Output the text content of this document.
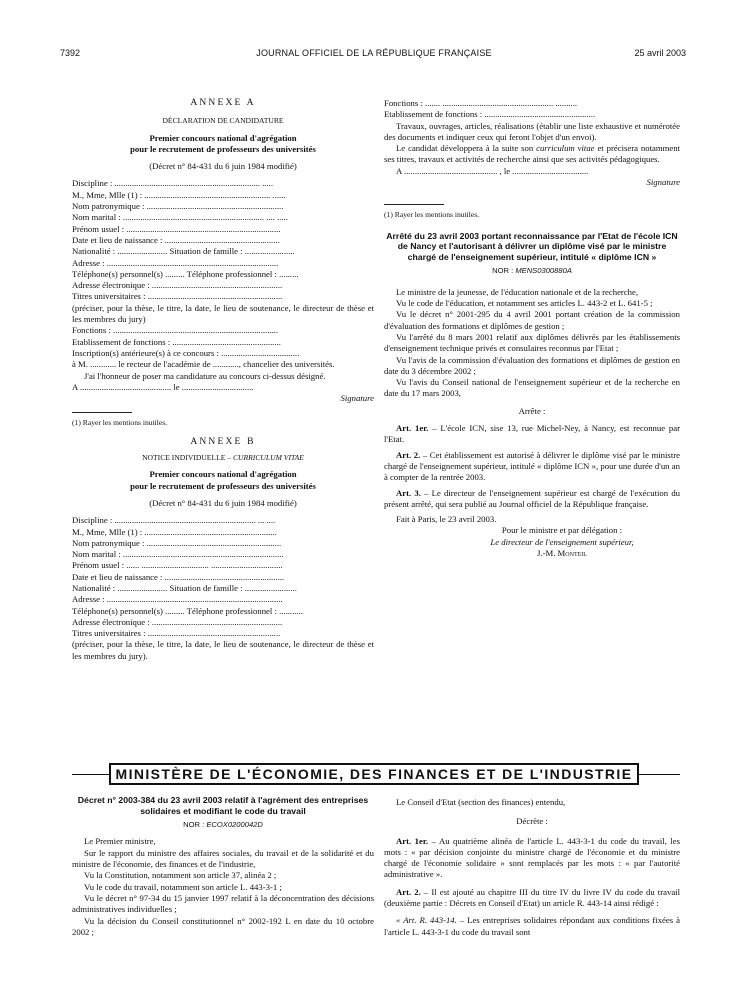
7392	JOURNAL OFFICIEL DE LA RÉPUBLIQUE FRANÇAISE	25 avril 2003
ANNEXE A
DÉCLARATION DE CANDIDATURE
Premier concours national d'agrégation
pour le recrutement de professeurs des universités
(Décret n° 84-431 du 6 juin 1984 modifié)
Discipline : ................................................................... .....
M., Mme, Mlle (1) : .......................................................... ......
Nom patronymique : ...............................................................
Nom marital : ................................................................. .... .....
Prénom usuel : .......................................................................
Date et lieu de naissance : .....................................................
Nationalité : ....................... Situation de famille : .......................
Adresse : ...............................................................................
Téléphone(s) personnel(s) ......... Téléphone professionnel : .........
Adresse électronique : ............................................................
Titres universitaires : ..............................................................
(préciser, pour la thèse, le titre, la date, le lieu de soutenance, le directeur de thèse et les membres du jury)
Fonctions : ............................................................................
Etablissement de fonctions : ..................................................
Inscription(s) antérieure(s) à ce concours : ....................................
à M. ............ le recteur de l'académie de ............, chancelier des universités.
J'ai l'honneur de poser ma candidature au concours ci-dessus désigné.
A .......................................... le .................................
Signature
(1) Rayer les mentions inutiles.
ANNEXE B
NOTICE INDIVIDUELLE – CURRICULUM VITAE
Premier concours national d'agrégation
pour le recrutement de professeurs des universités
(Décret n° 84-431 du 6 juin 1984 modifié)
Discipline : ................................................................. ... ....
M., Mme, Mlle (1) : .............................................................
Nom patronymique : ..............................................................
Nom marital : ..........................................................................
Prénom usuel : ...... ............................... .................................
Date et lieu de naissance : .......................................................
Nationalité : ....................... Situation de famille : ........................
Adresse : .................................................................................
Téléphone(s) personnel(s) ......... Téléphone professionnel : ...........
Adresse électronique : ............................................................
Titres universitaires : .............................................................
(préciser, pour la thèse, le titre, la date, le lieu de soutenance, le directeur de thèse et les membres du jury).
Fonctions : ....... ................................................... ..........
Etablissement de fonctions : ...................................................
Travaux, ouvrages, articles, réalisations (établir une liste exhaustive et numérotée des documents et indiquer ceux qui feront l'objet d'un envoi).
Le candidat développera à la suite son curriculum vitae et précisera notamment ses titres, travaux et activités de recherche ainsi que ses activités pédagogiques.
A ........................................... , le ...................................
Signature
(1) Rayer les mentions inutiles.
Arrêté du 23 avril 2003 portant reconnaissance par l'Etat de l'école ICN de Nancy et l'autorisant à délivrer un diplôme visé par le ministre chargé de l'enseignement supérieur, intitulé « diplôme ICN »
NOR : MENS0300880A
Le ministre de la jeunesse, de l'éducation nationale et de la recherche,
Vu le code de l'éducation, et notamment ses articles L. 443-2 et L. 641-5 ;
Vu le décret n° 2001-295 du 4 avril 2001 portant création de la commission d'évaluation des formations et diplômes de gestion ;
Vu l'arrêté du 8 mars 2001 relatif aux diplômes délivrés par les établissements d'enseignement technique privés et consulaires reconnus par l'Etat ;
Vu l'avis de la commission d'évaluation des formations et diplômes de gestion en date du 3 décembre 2002 ;
Vu l'avis du Conseil national de l'enseignement supérieur et de la recherche en date du 17 mars 2003,
Arrête :
Art. 1er. – L'école ICN, sise 13, rue Michel-Ney, à Nancy, est reconnue par l'Etat.
Art. 2. – Cet établissement est autorisé à délivrer le diplôme visé par le ministre chargé de l'enseignement supérieur, intitulé « diplôme ICN », pour une durée d'un an à compter de la rentrée 2003.
Art. 3. – Le directeur de l'enseignement supérieur est chargé de l'exécution du présent arrêté, qui sera publié au Journal officiel de la République française.
Fait à Paris, le 23 avril 2003.
Pour le ministre et par délégation :
Le directeur de l'enseignement supérieur,
J.-M. Monteil
MINISTÈRE DE L'ÉCONOMIE, DES FINANCES ET DE L'INDUSTRIE
Décret n° 2003-384 du 23 avril 2003 relatif à l'agrément des entreprises solidaires et modifiant le code du travail
NOR : ECOX0200042D
Le Premier ministre,
Sur le rapport du ministre des affaires sociales, du travail et de la solidarité et du ministre de l'économie, des finances et de l'industrie,
Vu la Constitution, notamment son article 37, alinéa 2 ;
Vu le code du travail, notamment son article L. 443-3-1 ;
Vu le décret n° 97-34 du 15 janvier 1997 relatif à la déconcentration des décisions administratives individuelles ;
Vu la décision du Conseil constitutionnel n° 2002-192 L en date du 10 octobre 2002 ;
Le Conseil d'Etat (section des finances) entendu,
Décrète :
Art. 1er. – Au quatrième alinéa de l'article L. 443-3-1 du code du travail, les mots : « par décision conjointe du ministre chargé de l'économie et du ministre chargé de l'économie solidaire » sont remplacés par les mots : « par l'autorité administrative ».
Art. 2. – Il est ajouté au chapitre III du titre IV du livre IV du code du travail (deuxième partie : Décrets en Conseil d'Etat) un article R. 443-14 ainsi rédigé :
« Art. R. 443-14. – Les entreprises solidaires répondant aux conditions fixées à l'article L. 443-3-1 du code du travail sont
